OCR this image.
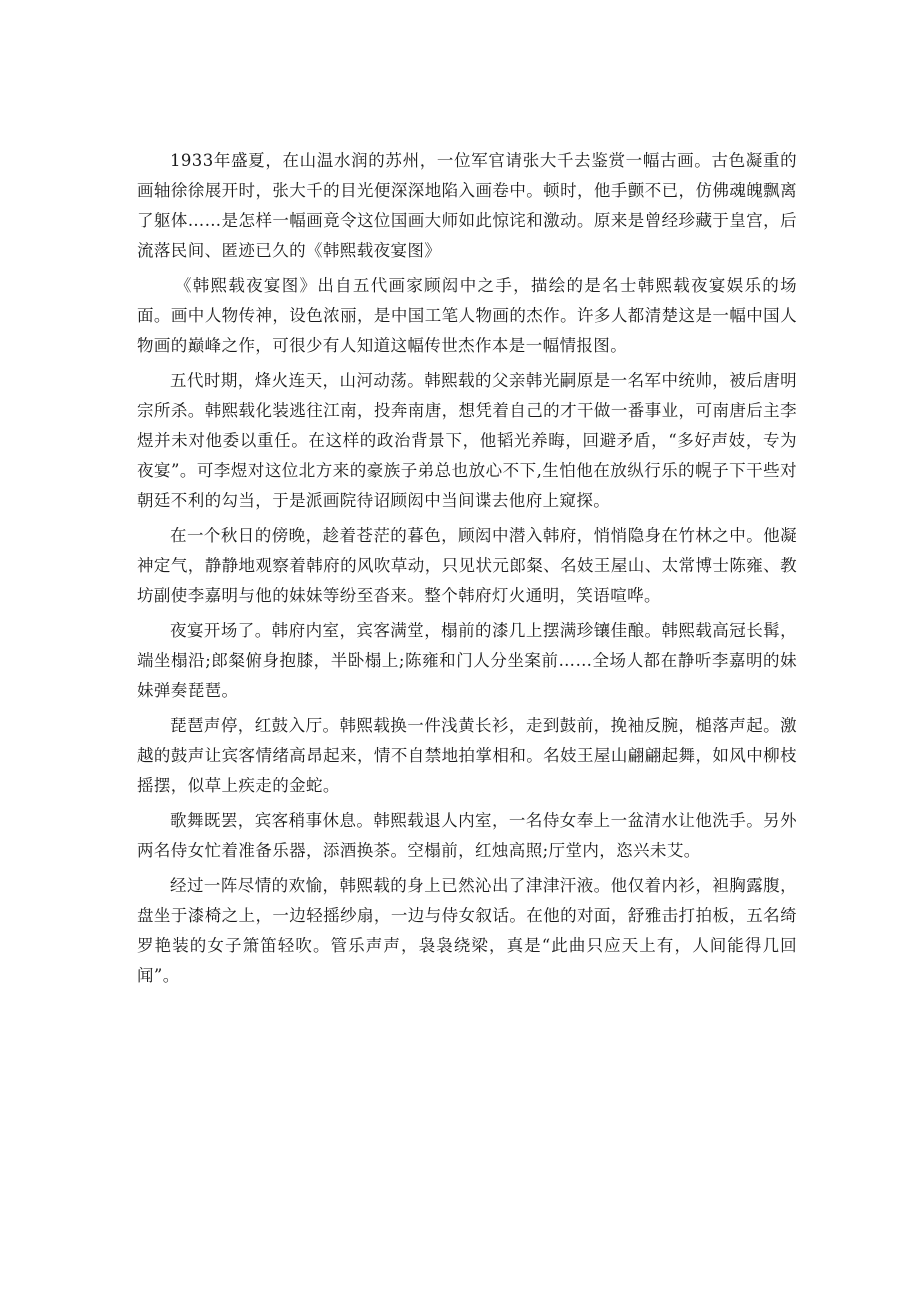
1933年盛夏，在山温水润的苏州，一位军官请张大千去鉴赏一幅古画。古色凝重的画轴徐徐展开时，张大千的目光便深深地陷入画卷中。顿时，他手颤不已，仿佛魂魄飘离了躯体……是怎样一幅画竟令这位国画大师如此惊诧和激动。原来是曾经珍藏于皇宫，后流落民间、匿迹已久的《韩熙载夜宴图》

《韩熙载夜宴图》出自五代画家顾闳中之手，描绘的是名士韩熙载夜宴娱乐的场面。画中人物传神，设色浓丽，是中国工笔人物画的杰作。许多人都清楚这是一幅中国人物画的巅峰之作，可很少有人知道这幅传世杰作本是一幅情报图。

五代时期，烽火连天，山河动荡。韩熙载的父亲韩光嗣原是一名军中统帅，被后唐明宗所杀。韩熙载化装逃往江南，投奔南唐，想凭着自己的才干做一番事业，可南唐后主李煜并未对他委以重任。在这样的政治背景下，他韬光养晦，回避矛盾，“多好声妓，专为夜宴”。可李煜对这位北方来的豪族子弟总也放心不下,生怕他在放纵行乐的幌子下干些对朝廷不利的勾当，于是派画院待诏顾闳中当间谍去他府上窥探。

在一个秋日的傍晚，趁着苍茫的暮色，顾闳中潜入韩府，悄悄隐身在竹林之中。他凝神定气，静静地观察着韩府的风吹草动，只见状元郎粲、名妓王屋山、太常博士陈雍、教坊副使李嘉明与他的妹妹等纷至沓来。整个韩府灯火通明，笑语喧哗。

夜宴开场了。韩府内室，宾客满堂，榻前的漆几上摆满珍镶佳酿。韩熙载高冠长髯，端坐榻沿;郎粲俯身抱膝，半卧榻上;陈雍和门人分坐案前……全场人都在静听李嘉明的妹妹弹奏琵琶。

琵琶声停，红鼓入厅。韩熙载换一件浅黄长衫，走到鼓前，挽袖反腕，槌落声起。激越的鼓声让宾客情绪高昂起来，情不自禁地拍掌相和。名妓王屋山翩翩起舞，如风中柳枝摇摆，似草上疾走的金蛇。

歌舞既罢，宾客稍事休息。韩熙载退人内室，一名侍女奉上一盆清水让他洗手。另外两名侍女忙着准备乐器，添酒换茶。空榻前，红烛高照;厅堂内，恣兴未艾。

经过一阵尽情的欢愉，韩熙载的身上已然沁出了津津汗液。他仅着内衫，袒胸露腹，盘坐于漆椅之上，一边轻摇纱扇，一边与侍女叙话。在他的对面，舒雅击打拍板，五名绮罗艳装的女子箫笛轻吹。管乐声声，袅袅绕梁，真是“此曲只应天上有，人间能得几回闻”。
